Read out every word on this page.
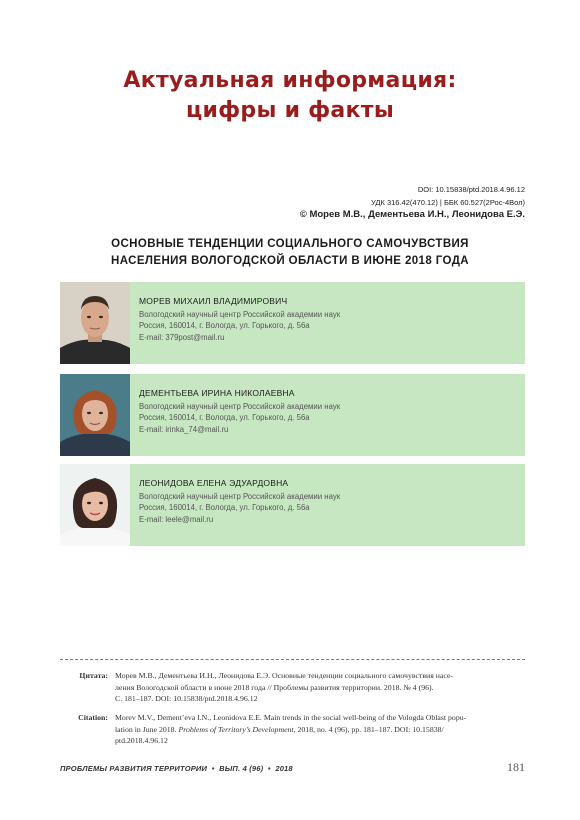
Актуальная информация:
цифры и факты
DOI: 10.15838/ptd.2018.4.96.12
УДК 316.42(470.12) | ББК 60.527(2Рос-4Вол)
© Морев М.В., Дементьева И.Н., Леонидова Е.Э.
ОСНОВНЫЕ ТЕНДЕНЦИИ СОЦИАЛЬНОГО САМОЧУВСТВИЯ
НАСЕЛЕНИЯ ВОЛОГОДСКОЙ ОБЛАСТИ В ИЮНЕ 2018 ГОДА
МОРЕВ МИХАИЛ ВЛАДИМИРОВИЧ
Вологодский научный центр Российской академии наук
Россия, 160014, г. Вологда, ул. Горького, д. 56а
E-mail: 379post@mail.ru
ДЕМЕНТЬЕВА ИРИНА НИКОЛАЕВНА
Вологодский научный центр Российской академии наук
Россия, 160014, г. Вологда, ул. Горького, д. 56а
E-mail: irinka_74@mail.ru
ЛЕОНИДОВА ЕЛЕНА ЭДУАРДОВНА
Вологодский научный центр Российской академии наук
Россия, 160014, г. Вологда, ул. Горького, д. 56а
E-mail: leele@mail.ru
Цитата: Морев М.В., Дементьева И.Н., Леонидова Е.Э. Основные тенденции социального самочувствия насе-
ления Вологодской области в июне 2018 года // Проблемы развития территории. 2018. № 4 (96).
С. 181–187. DOI: 10.15838/ptd.2018.4.96.12
Citation: Morev M.V., Dement’eva I.N., Leonidova E.E. Main trends in the social well-being of the Vologda Oblast popu-
lation in June 2018. Problems of Territory’s Development, 2018, no. 4 (96), pp. 181–187. DOI: 10.15838/
ptd.2018.4.96.12
ПРОБЛЕМЫ РАЗВИТИЯ ТЕРРИТОРИИ  •  ВЫП. 4 (96)  •  2018	181
